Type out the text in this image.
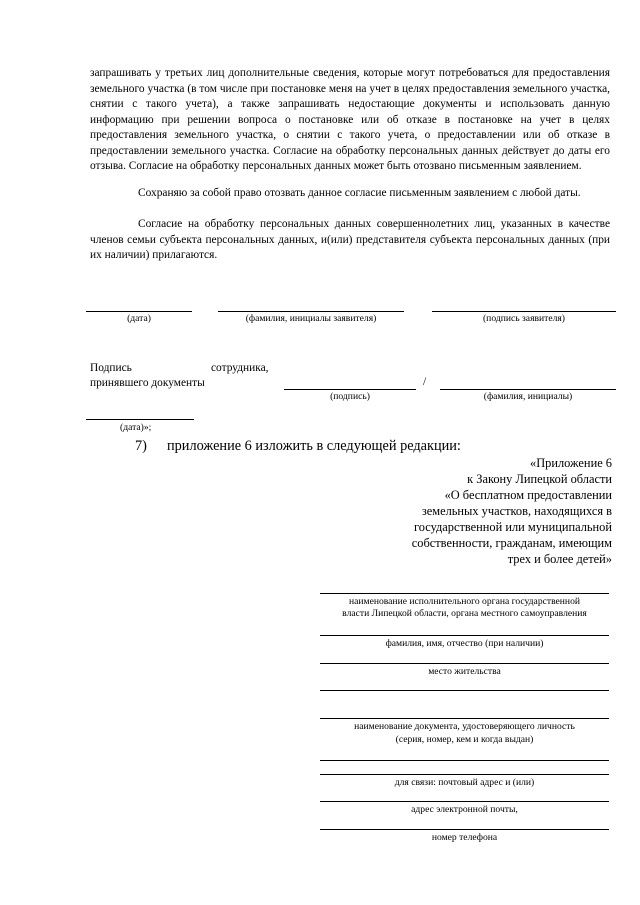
запрашивать у третьих лиц дополнительные сведения, которые могут потребоваться для предоставления земельного участка (в том числе при постановке меня на учет в целях предоставления земельного участка, снятии с такого учета), а также запрашивать недостающие документы и использовать данную информацию при решении вопроса о постановке или об отказе в постановке на учет в целях предоставления земельного участка, о снятии с такого учета, о предоставлении или об отказе в предоставлении земельного участка. Согласие на обработку персональных данных действует до даты его отзыва. Согласие на обработку персональных данных может быть отозвано письменным заявлением.

Сохраняю за собой право отозвать данное согласие письменным заявлением с любой даты.

Согласие на обработку персональных данных совершеннолетних лиц, указанных в качестве членов семьи субъекта персональных данных, и(или) представителя субъекта персональных данных (при их наличии) прилагаются.

(дата)	(фамилия, инициалы заявителя)	(подпись заявителя)
Подпись	сотрудника,
принявшего документы	/
(подпись)	(фамилия, инициалы)
(дата)»;
7) приложение 6 изложить в следующей редакции:
«Приложение 6
к Закону Липецкой области
«О бесплатном предоставлении
земельных участков, находящихся в
государственной или муниципальной
собственности, гражданам, имеющим
трех и более детей»
наименование исполнительного органа государственной
власти Липецкой области, органа местного самоуправления
фамилия, имя, отчество (при наличии)
место жительства
наименование документа, удостоверяющего личность
(серия, номер, кем и когда выдан)
для связи: почтовый адрес и (или)
адрес электронной почты,
номер телефона
